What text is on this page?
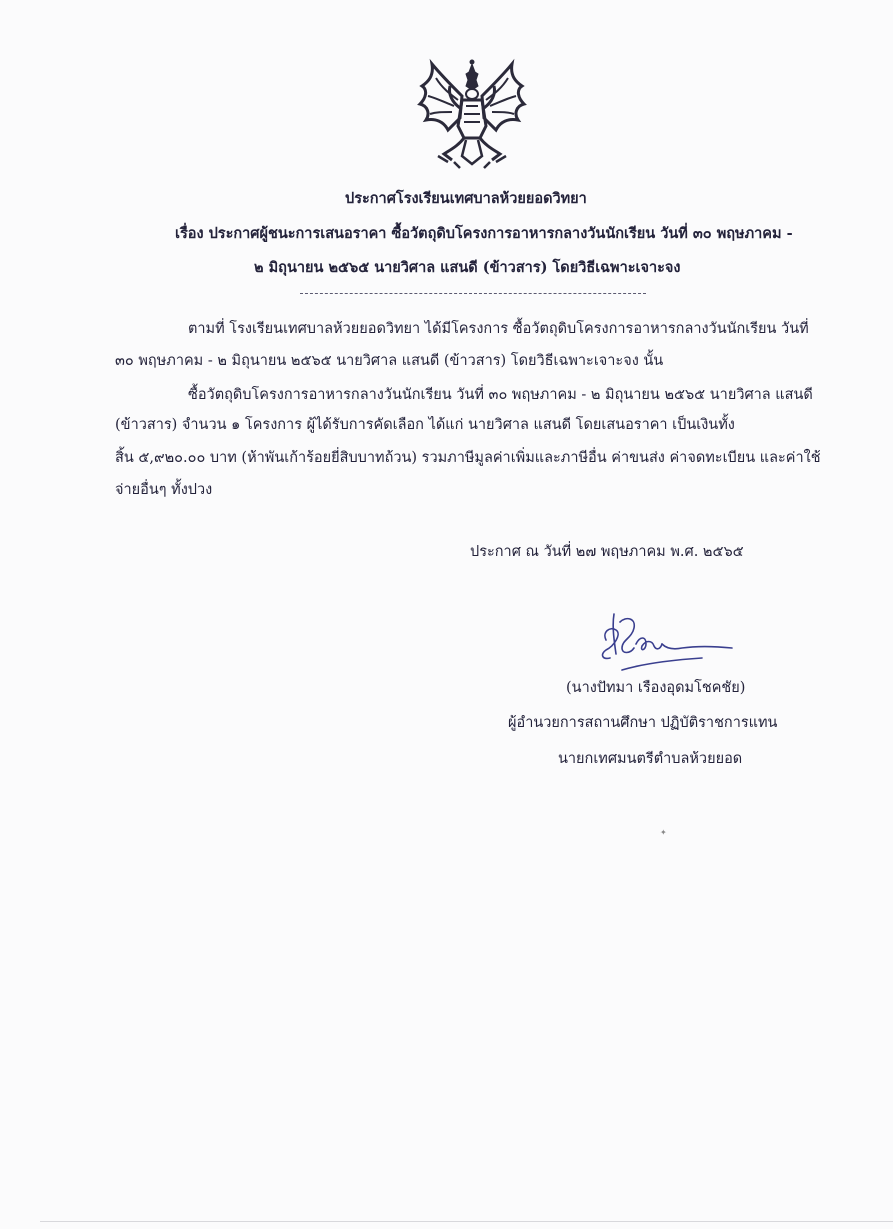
ประกาศโรงเรียนเทศบาลห้วยยอดวิทยา
เรื่อง ประกาศผู้ชนะการเสนอราคา ซื้อวัตถุดิบโครงการอาหารกลางวันนักเรียน วันที่ ๓๐ พฤษภาคม -
๒ มิถุนายน ๒๕๖๕ นายวิศาล แสนดี (ข้าวสาร) โดยวิธีเฉพาะเจาะจง
ตามที่ โรงเรียนเทศบาลห้วยยอดวิทยา ได้มีโครงการ ซื้อวัตถุดิบโครงการอาหารกลางวันนักเรียน วันที่
๓๐ พฤษภาคม - ๒ มิถุนายน ๒๕๖๕ นายวิศาล แสนดี (ข้าวสาร) โดยวิธีเฉพาะเจาะจง นั้น
ซื้อวัตถุดิบโครงการอาหารกลางวันนักเรียน วันที่ ๓๐ พฤษภาคม - ๒ มิถุนายน ๒๕๖๕ นายวิศาล แสนดี
(ข้าวสาร) จำนวน ๑ โครงการ ผู้ได้รับการคัดเลือก ได้แก่ นายวิศาล แสนดี โดยเสนอราคา เป็นเงินทั้ง
สิ้น ๕,๙๒๐.๐๐ บาท (ห้าพันเก้าร้อยยี่สิบบาทถ้วน) รวมภาษีมูลค่าเพิ่มและภาษีอื่น ค่าขนส่ง ค่าจดทะเบียน และค่าใช้
จ่ายอื่นๆ ทั้งปวง
ประกาศ ณ วันที่ ๒๗ พฤษภาคม พ.ศ. ๒๕๖๕
(นางปัทมา เรืองอุดมโชคชัย)
ผู้อำนวยการสถานศึกษา ปฏิบัติราชการแทน
นายกเทศมนตรีตำบลห้วยยอด
✦
